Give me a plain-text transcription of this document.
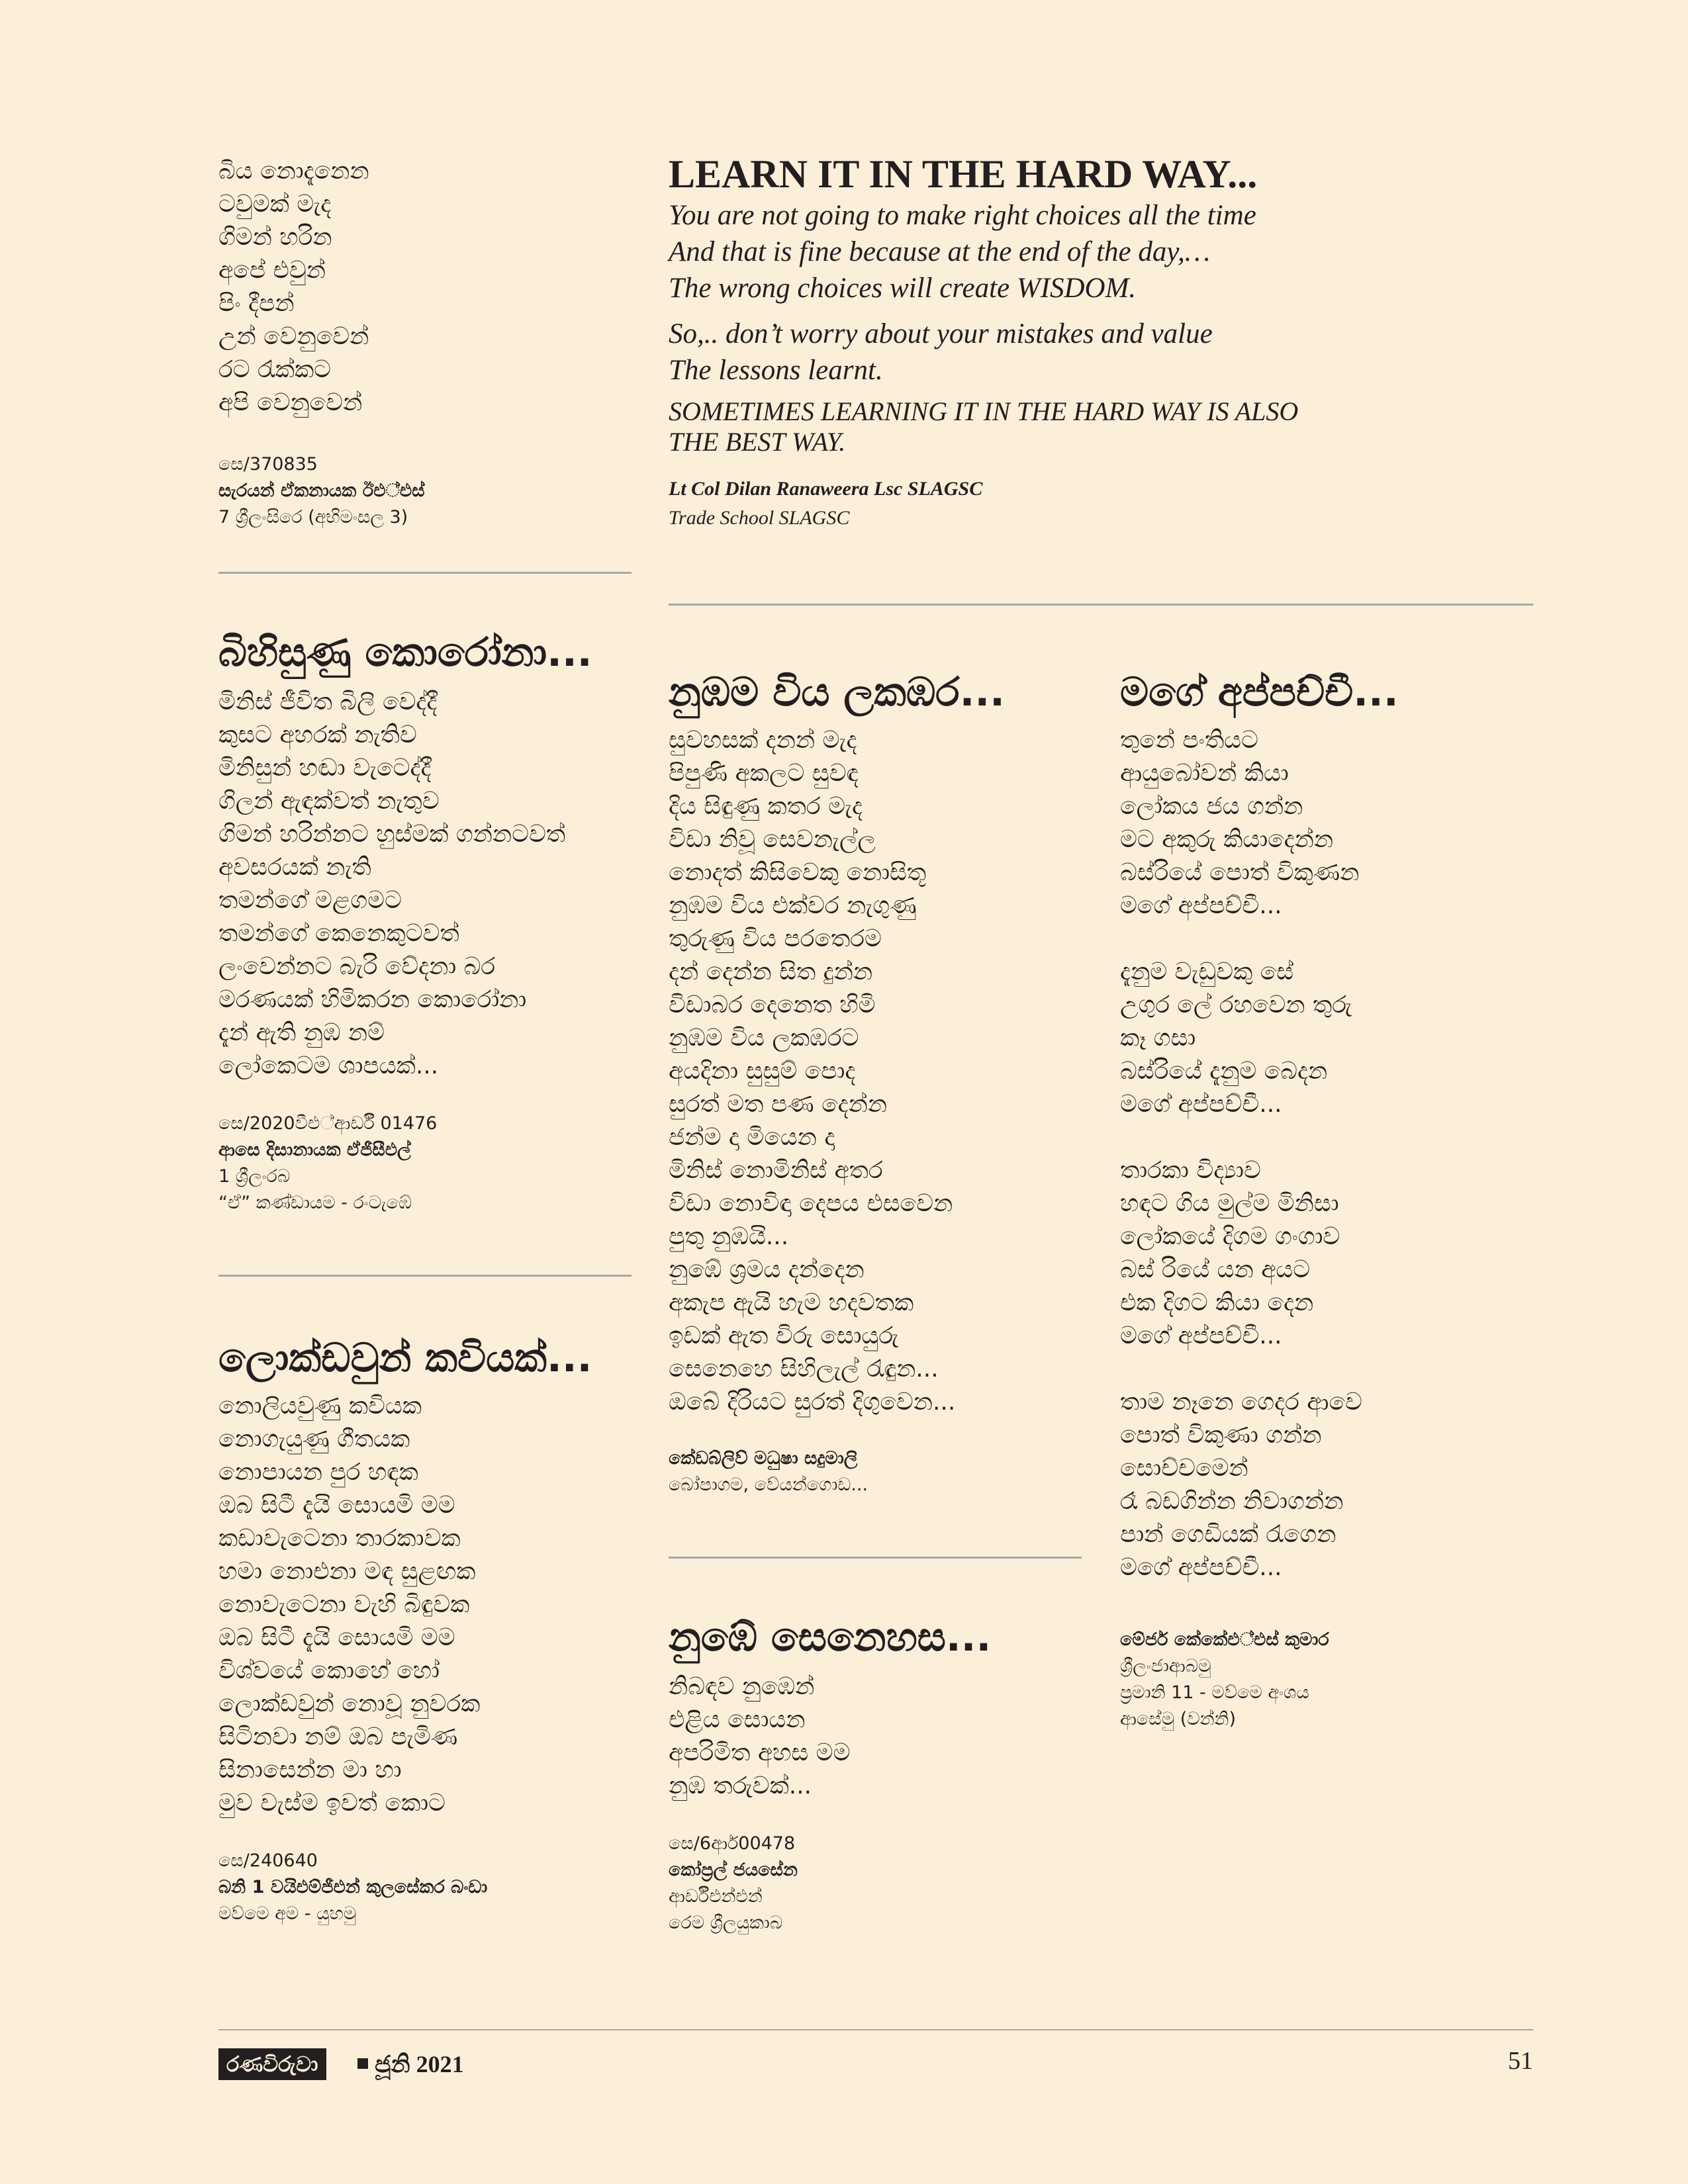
බිය නොදැනෙන
ටවුමක් මැද
ගිමන් හරින
අපේ එවුන්
පිං දීපන්
උන් වෙනුවෙන්
රට රැක්කට
අපි වෙනුවෙන්
සෙ/370835
සැරයන් ඒකනායක ඊඑ්එස්
7 ශ්‍රීලංසිරෙ (අභිමංසල 3)
LEARN IT IN THE HARD WAY...
You are not going to make right choices all the time
And that is fine because at the end of the day,…
The wrong choices will create WISDOM.
So,.. don’t worry about your mistakes and value
The lessons learnt.
SOMETIMES LEARNING IT IN THE HARD WAY IS ALSO
THE BEST WAY.
Lt Col Dilan Ranaweera Lsc SLAGSC
Trade School SLAGSC
බිහිසුණු කොරෝනා...
මිනිස් ජීවිත බිලි වෙද්දී
කුසට අහරක් නැතිව
මිනිසුන් හඬා වැටෙද්දී
ගිලන් ඇඳක්වත් නැතුව
ගිමන් හරින්නට හුස්මක් ගන්නටවත්
අවසරයක් නැති
තමන්ගේ මළගමට
තමන්ගේ කෙනෙකුටවත්
ලංවෙන්නට බැරි වේදනා බර
මරණයක් හිමිකරන කොරෝනා
දැන් ඇති නුඹ නම්
ලෝකෙටම ශාපයක්...
සෙ/2020වීඑ්ආර්ඩී 01476
ආසෙ දිසානායක ඒජීසීඑල්
1 ශ්‍රීලංරබ
“ඒ” කණ්ඩායම - රංටැඹේ
ලොක්ඩවුන් කවියක්...
නොලියවුණු කවියක
නොගැයුණු ගීතයක
නොපායන පුර හඳක
ඔබ සිටී දැයි සොයමි මම
කඩාවැටෙනා තාරකාවක
හමා නොඑනා මඳ සුළඟක
නොවැටෙනා වැහි බිඳුවක
ඔබ සිටී දැයි සොයමි මම
විශ්වයේ කොහේ හෝ
ලොක්ඩවුන් නොවූ නුවරක
සිටිනවා නම් ඔබ පැමිණ
සිනාසෙන්න මා හා
මුව වැස්ම ඉවත් කොට
සෙ/240640
බනි 1 වයිඑම්ජීඑන් කුලසේකර බංඩා
මව්මෙ අම - යුහමු
නුඹම විය ලකඹර...
සුවහසක් දනන් මැද
පිපුණි අකලට සුවඳ
දිය සිඳුණු කතර මැද
විඩා නිවූ සෙවනැල්ල
නොදත් කිසිවෙකු නොසිතූ
නුඹම විය එක්වර නැගුණු
තුරුණු විය පරතෙරම
දන් දෙන්න සිත දුන්න
විඩාබර දෙනෙත හිමි
නුඹම විය ලකඹරට
අයදිනා සුසුම් පොද
සුරත් මත පණ දෙන්න
ජන්ම දා මියෙන දා
මිනිස් නොමිනිස් අතර
විඩා නොවිඳා දෙපය එසවෙන
පුතු නුඹයි...
නුඹේ ශ්‍රමය දන්දෙන
අකැප ඇයි හැම හදවතක
ඉඩක් ඇත විරු සොයුරු
සෙනෙහෙ සිහිලැල් රැඳුන...
ඔබේ දිරියට සුරත් දිගුවෙන...
කේඩබ්ලිව් මධුෂා සදුමාලි
බෝපාගම, වේයන්ගොඩ...
නුඹේ සෙනෙහස...
නිබඳව නුඹෙන්
එළිය සොයන
අපරිමිත අහස මම
නුඹ තරුවක්...
සෙ/6ආර්00478
කෝප්‍රල් ජයසේන
ආර්ඩීඑන්එන්
රෙම ශ්‍රීලයුකාබ
මගේ අප්පච්චී...
තුනේ පංතියට
ආයුබෝවන් කියා
ලෝකය ජය ගන්න
මට අකුරු කියාදෙන්න
බස්රියේ පොත් විකුණන
මගේ අප්පච්චී...
දැනුම වැඩුවකු සේ
උගුර ලේ රහවෙන තුරු
කෑ ගසා
බස්රියේ දැනුම බෙදන
මගේ අප්පච්චී...
තාරකා විද්‍යාව
හඳට ගිය මුල්ම මිනිසා
ලෝකයේ දිගම ගංගාව
බස් රියේ යන අයට
එක දිගට කියා දෙන
මගේ අප්පච්චී...
තාම නෑනෙ ගෙදර ආවෙ
පොත් විකුණා ගන්න
සොච්චමෙන්
රෑ බඩගින්න නිවාගන්න
පාන් ගෙඩියක් රැගෙන
මගේ අප්පච්චී...
මේජර් කේකේඑ්එස් කුමාර
ශ්‍රීලංජාආබමු
ප්‍රමානි 11 - මව්මෙ අංශය
ආසේමු (වන්නි)
රණවිරුවා	ජූනි 2021	51
